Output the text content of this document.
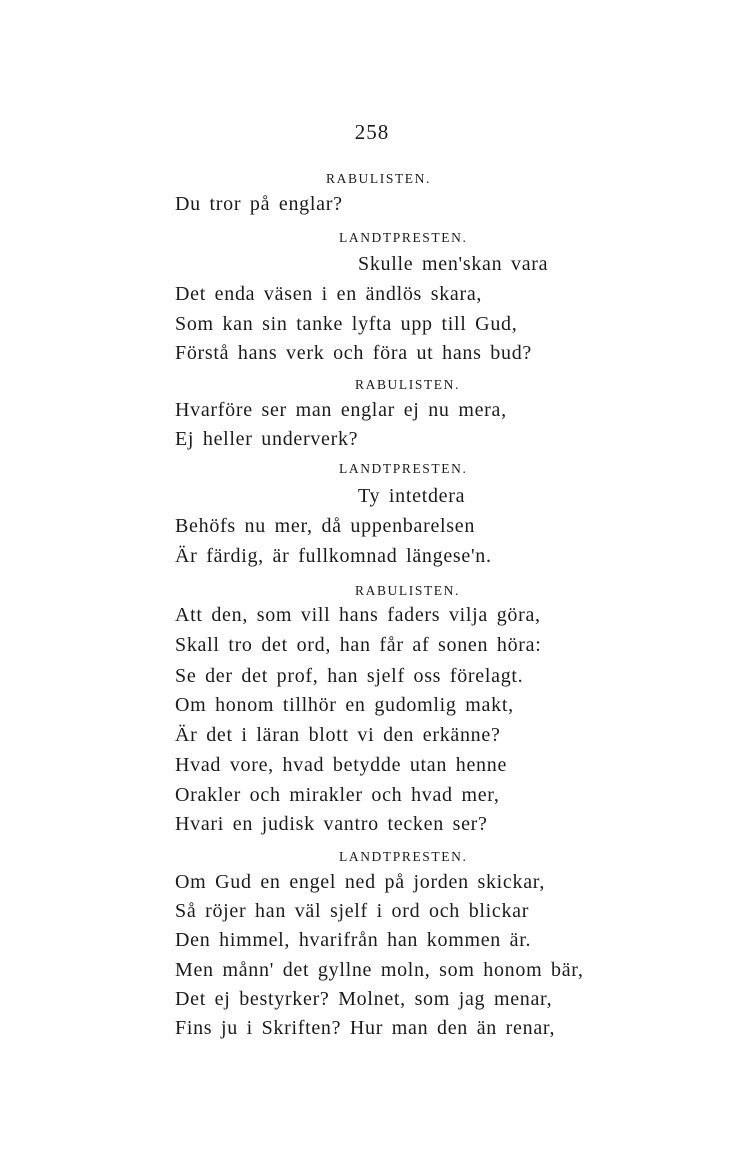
258
RABULISTEN.
Du tror på englar?
LANDTPRESTEN.
Skulle men'skan vara
Det enda väsen i en ändlös skara,
Som kan sin tanke lyfta upp till Gud,
Förstå hans verk och föra ut hans bud?
RABULISTEN.
Hvarföre ser man englar ej nu mera,
Ej heller underverk?
LANDTPRESTEN.
Ty intetdera
Behöfs nu mer, då uppenbarelsen
Är färdig, är fullkomnad längese'n.
RABULISTEN.
Att den, som vill hans faders vilja göra,
Skall tro det ord, han får af sonen höra:
Se der det prof, han sjelf oss förelagt.
Om honom tillhör en gudomlig makt,
Är det i läran blott vi den erkänne?
Hvad vore, hvad betydde utan henne
Orakler och mirakler och hvad mer,
Hvari en judisk vantro tecken ser?
LANDTPRESTEN.
Om Gud en engel ned på jorden skickar,
Så röjer han väl sjelf i ord och blickar
Den himmel, hvarifrån han kommen är.
Men månn' det gyllne moln, som honom bär,
Det ej bestyrker? Molnet, som jag menar,
Fins ju i Skriften? Hur man den än renar,
